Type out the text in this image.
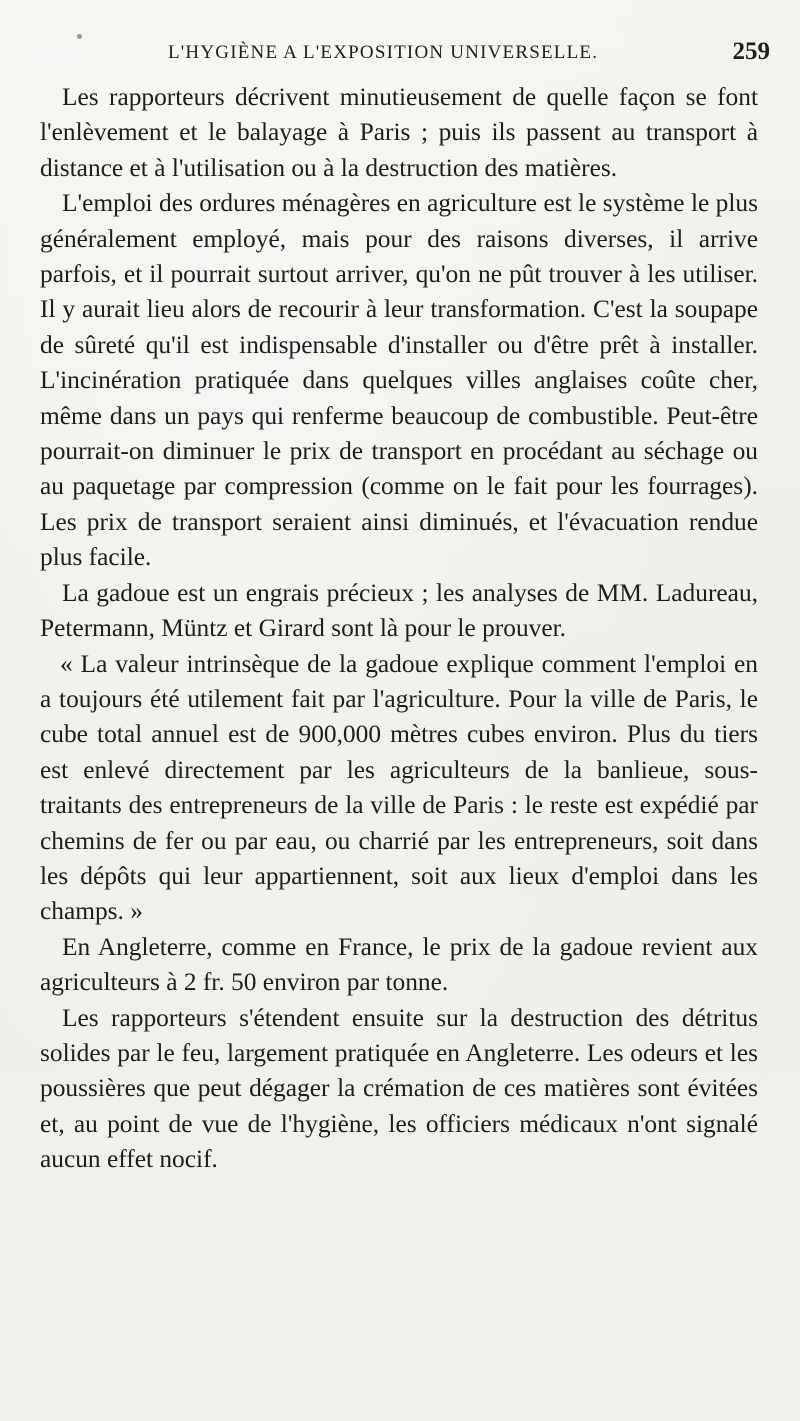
L'HYGIÈNE A L'EXPOSITION UNIVERSELLE.	259

Les rapporteurs décrivent minutieusement de quelle façon se font l'enlèvement et le balayage à Paris ; puis ils passent au transport à distance et à l'utilisation ou à la destruction des matières.

L'emploi des ordures ménagères en agriculture est le système le plus généralement employé, mais pour des raisons diverses, il arrive parfois, et il pourrait surtout arriver, qu'on ne pût trouver à les utiliser. Il y aurait lieu alors de recourir à leur transformation. C'est la soupape de sûreté qu'il est indispensable d'installer ou d'être prêt à installer. L'incinération pratiquée dans quelques villes anglaises coûte cher, même dans un pays qui renferme beaucoup de combustible. Peut-être pourrait-on diminuer le prix de transport en procédant au séchage ou au paquetage par compression (comme on le fait pour les fourrages). Les prix de transport seraient ainsi diminués, et l'évacuation rendue plus facile.

La gadoue est un engrais précieux ; les analyses de MM. Ladureau, Petermann, Müntz et Girard sont là pour le prouver.

« La valeur intrinsèque de la gadoue explique comment l'emploi en a toujours été utilement fait par l'agriculture. Pour la ville de Paris, le cube total annuel est de 900,000 mètres cubes environ. Plus du tiers est enlevé directement par les agriculteurs de la banlieue, sous-traitants des entrepreneurs de la ville de Paris : le reste est expédié par chemins de fer ou par eau, ou charrié par les entrepreneurs, soit dans les dépôts qui leur appartiennent, soit aux lieux d'emploi dans les champs. »

En Angleterre, comme en France, le prix de la gadoue revient aux agriculteurs à 2 fr. 50 environ par tonne.

Les rapporteurs s'étendent ensuite sur la destruction des détritus solides par le feu, largement pratiquée en Angleterre. Les odeurs et les poussières que peut dégager la crémation de ces matières sont évitées et, au point de vue de l'hygiène, les officiers médicaux n'ont signalé aucun effet nocif.
